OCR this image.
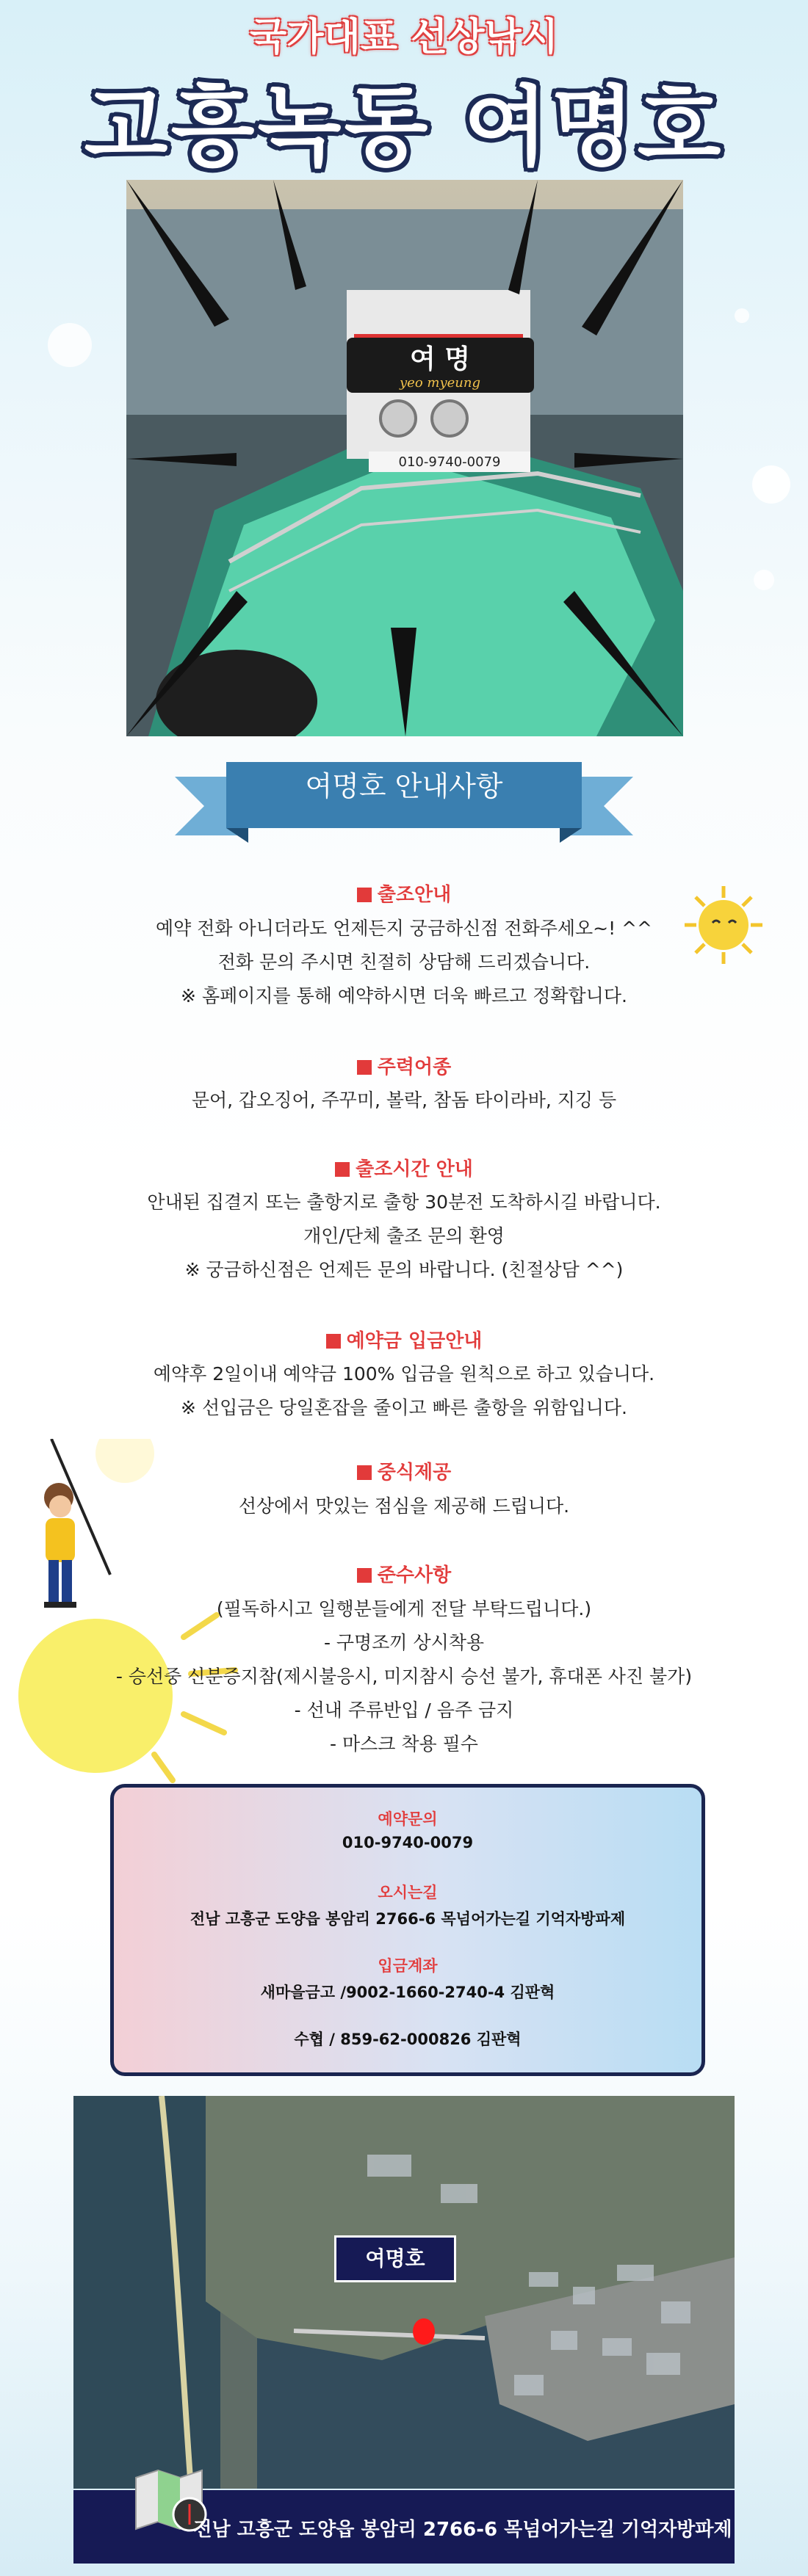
국가대표 선상낚시
고흥녹동 여명호
여 명
yeo myeung
010-9740-0079
여명호 안내사항
출조안내
예약 전화 아니더라도 언제든지 궁금하신점 전화주세오~! ^^
전화 문의 주시면 친절히 상담해 드리겠습니다.
※ 홈페이지를 통해 예약하시면 더욱 빠르고 정확합니다.
주력어종
문어, 갑오징어, 주꾸미, 볼락, 참돔 타이라바, 지깅 등
출조시간 안내
안내된 집결지 또는 출항지로 출항 30분전 도착하시길 바랍니다.
개인/단체 출조 문의 환영
※ 궁금하신점은 언제든 문의 바랍니다. (친절상담 ^^)
예약금 입금안내
예약후 2일이내 예약금 100% 입금을 원칙으로 하고 있습니다.
※ 선입금은 당일혼잡을 줄이고 빠른 출항을 위함입니다.
중식제공
선상에서 맛있는 점심을 제공해 드립니다.
준수사항
(필독하시고 일행분들에게 전달 부탁드립니다.)
- 구명조끼 상시착용
- 승선중 신분증지참(제시불응시, 미지참시 승선 불가, 휴대폰 사진 불가)
- 선내 주류반입 / 음주 금지
- 마스크 착용 필수
예약문의
010-9740-0079
오시는길
전남 고흥군 도양읍 봉암리 2766-6 목넘어가는길 기억자방파제
입금계좌
새마을금고 /9002-1660-2740-4 김판혁
수협 / 859-62-000826 김판혁
여명호
전남 고흥군 도양읍 봉암리 2766-6 목넘어가는길 기억자방파제
